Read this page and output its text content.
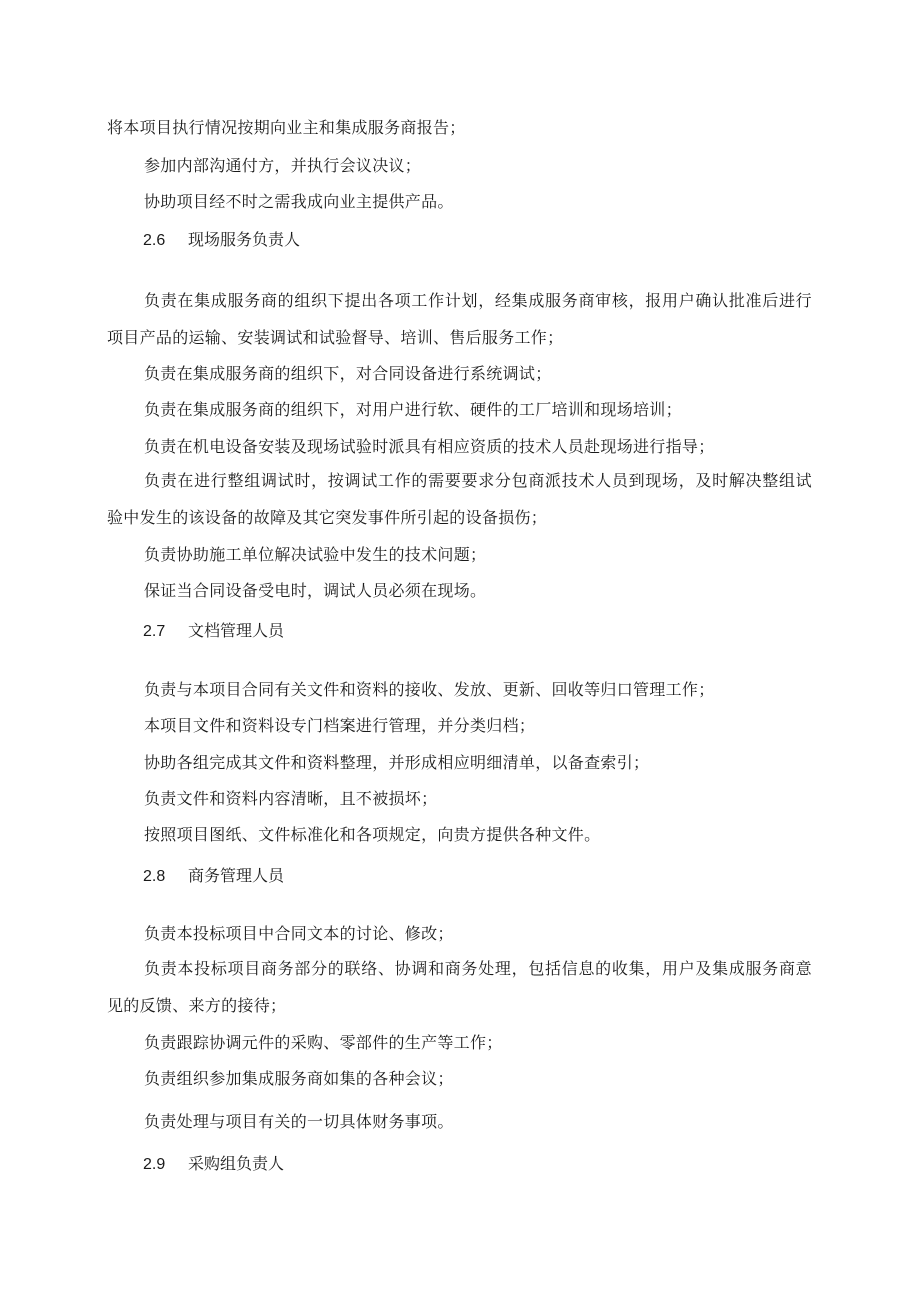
将本项目执行情况按期向业主和集成服务商报告；
参加内部沟通付方，并执行会议决议；
协助项目经不时之需我成向业主提供产品。
2.6 现场服务负责人
负责在集成服务商的组织下提出各项工作计划，经集成服务商审核，报用户确认批准后进行项目产品的运输、安装调试和试验督导、培训、售后服务工作；
负责在集成服务商的组织下，对合同设备进行系统调试；
负责在集成服务商的组织下，对用户进行软、硬件的工厂培训和现场培训；
负责在机电设备安装及现场试验时派具有相应资质的技术人员赴现场进行指导；
负责在进行整组调试时，按调试工作的需要要求分包商派技术人员到现场，及时解决整组试验中发生的该设备的故障及其它突发事件所引起的设备损伤；
负责协助施工单位解决试验中发生的技术问题；
保证当合同设备受电时，调试人员必须在现场。
2.7 文档管理人员
负责与本项目合同有关文件和资料的接收、发放、更新、回收等归口管理工作；
本项目文件和资料设专门档案进行管理，并分类归档；
协助各组完成其文件和资料整理，并形成相应明细清单，以备查索引；
负责文件和资料内容清晰，且不被损坏；
按照项目图纸、文件标准化和各项规定，向贵方提供各种文件。
2.8 商务管理人员
负责本投标项目中合同文本的讨论、修改；
负责本投标项目商务部分的联络、协调和商务处理，包括信息的收集，用户及集成服务商意见的反馈、来方的接待；
负责跟踪协调元件的采购、零部件的生产等工作；
负责组织参加集成服务商如集的各种会议；
负责处理与项目有关的一切具体财务事项。
2.9 采购组负责人
